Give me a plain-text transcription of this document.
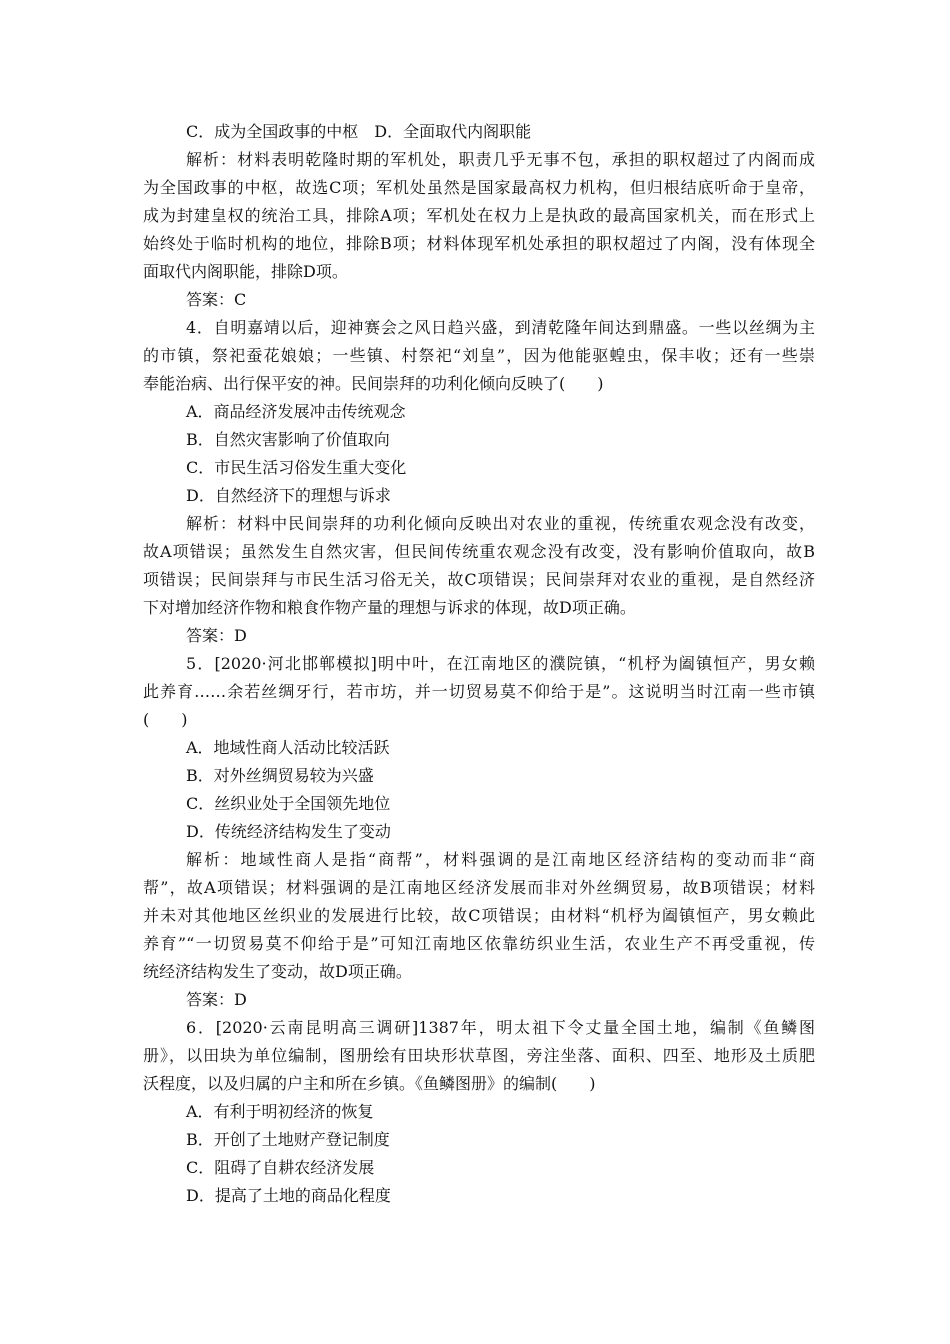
C．成为全国政事的中枢　D．全面取代内阁职能
解析：材料表明乾隆时期的军机处，职责几乎无事不包，承担的职权超过了内阁而成
为全国政事的中枢，故选C项；军机处虽然是国家最高权力机构，但归根结底听命于皇帝，
成为封建皇权的统治工具，排除A项；军机处在权力上是执政的最高国家机关，而在形式上
始终处于临时机构的地位，排除B项；材料体现军机处承担的职权超过了内阁，没有体现全
面取代内阁职能，排除D项。
答案：C
4．自明嘉靖以后，迎神赛会之风日趋兴盛，到清乾隆年间达到鼎盛。一些以丝绸为主
的市镇，祭祀蚕花娘娘；一些镇、村祭祀“刘皇”，因为他能驱蝗虫，保丰收；还有一些崇
奉能治病、出行保平安的神。民间崇拜的功利化倾向反映了(　　)
A．商品经济发展冲击传统观念
B．自然灾害影响了价值取向
C．市民生活习俗发生重大变化
D．自然经济下的理想与诉求
解析：材料中民间崇拜的功利化倾向反映出对农业的重视，传统重农观念没有改变，
故A项错误；虽然发生自然灾害，但民间传统重农观念没有改变，没有影响价值取向，故B
项错误；民间崇拜与市民生活习俗无关，故C项错误；民间崇拜对农业的重视，是自然经济
下对增加经济作物和粮食作物产量的理想与诉求的体现，故D项正确。
答案：D
5．[2020·河北邯郸模拟]明中叶，在江南地区的濮院镇，“机杼为阖镇恒产，男女赖
此养育……余若丝绸牙行，若市坊，并一切贸易莫不仰给于是”。这说明当时江南一些市镇
(　　)
A．地域性商人活动比较活跃
B．对外丝绸贸易较为兴盛
C．丝织业处于全国领先地位
D．传统经济结构发生了变动
解析：地域性商人是指“商帮”，材料强调的是江南地区经济结构的变动而非“商
帮”，故A项错误；材料强调的是江南地区经济发展而非对外丝绸贸易，故B项错误；材料
并未对其他地区丝织业的发展进行比较，故C项错误；由材料“机杼为阖镇恒产，男女赖此
养育”“一切贸易莫不仰给于是”可知江南地区依靠纺织业生活，农业生产不再受重视，传
统经济结构发生了变动，故D项正确。
答案：D
6．[2020·云南昆明高三调研]1387年，明太祖下令丈量全国土地，编制《鱼鳞图
册》，以田块为单位编制，图册绘有田块形状草图，旁注坐落、面积、四至、地形及土质肥
沃程度，以及归属的户主和所在乡镇。《鱼鳞图册》的编制(　　)
A．有利于明初经济的恢复
B．开创了土地财产登记制度
C．阻碍了自耕农经济发展
D．提高了土地的商品化程度
